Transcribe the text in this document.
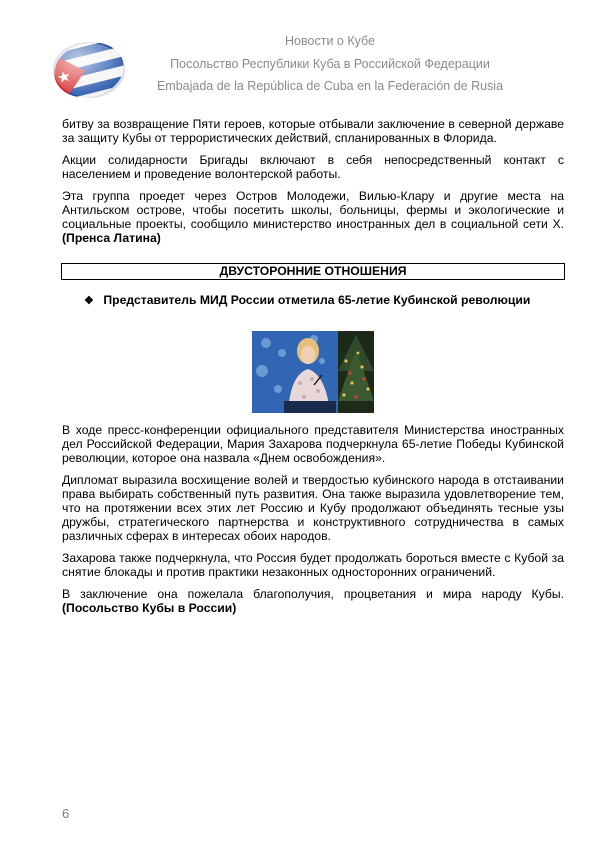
Новости о Кубе
Посольство Республики Куба в Российской Федерации
Embajada de la República de Cuba en la Federación de Rusia

битву за возвращение Пяти героев, которые отбывали заключение в северной державе за защиту Кубы от террористических действий, спланированных в Флорида.

Акции солидарности Бригады включают в себя непосредственный контакт с населением и проведение волонтерской работы.

Эта группа проедет через Остров Молодежи, Вилью-Клару и другие места на Антильском острове, чтобы посетить школы, больницы, фермы и экологические и социальные проекты, сообщило министерство иностранных дел в социальной сети Х. (Пренса Латина)

ДВУСТОРОННИЕ ОТНОШЕНИЯ
❖ Представитель МИД России отметила 65-летие Кубинской революции

В ходе пресс-конференции официального представителя Министерства иностранных дел Российской Федерации, Мария Захарова подчеркнула 65-летие Победы Кубинской революции, которое она назвала «Днем освобождения».

Дипломат выразила восхищение волей и твердостью кубинского народа в отстаивании права выбирать собственный путь развития. Она также выразила удовлетворение тем, что на протяжении всех этих лет Россию и Кубу продолжают объединять тесные узы дружбы, стратегического партнерства и конструктивного сотрудничества в самых различных сферах в интересах обоих народов.

Захарова также подчеркнула, что Россия будет продолжать бороться вместе с Кубой за снятие блокады и против практики незаконных односторонних ограничений.

В заключение она пожелала благополучия, процветания и мира народу Кубы. (Посольство Кубы в России)

6
